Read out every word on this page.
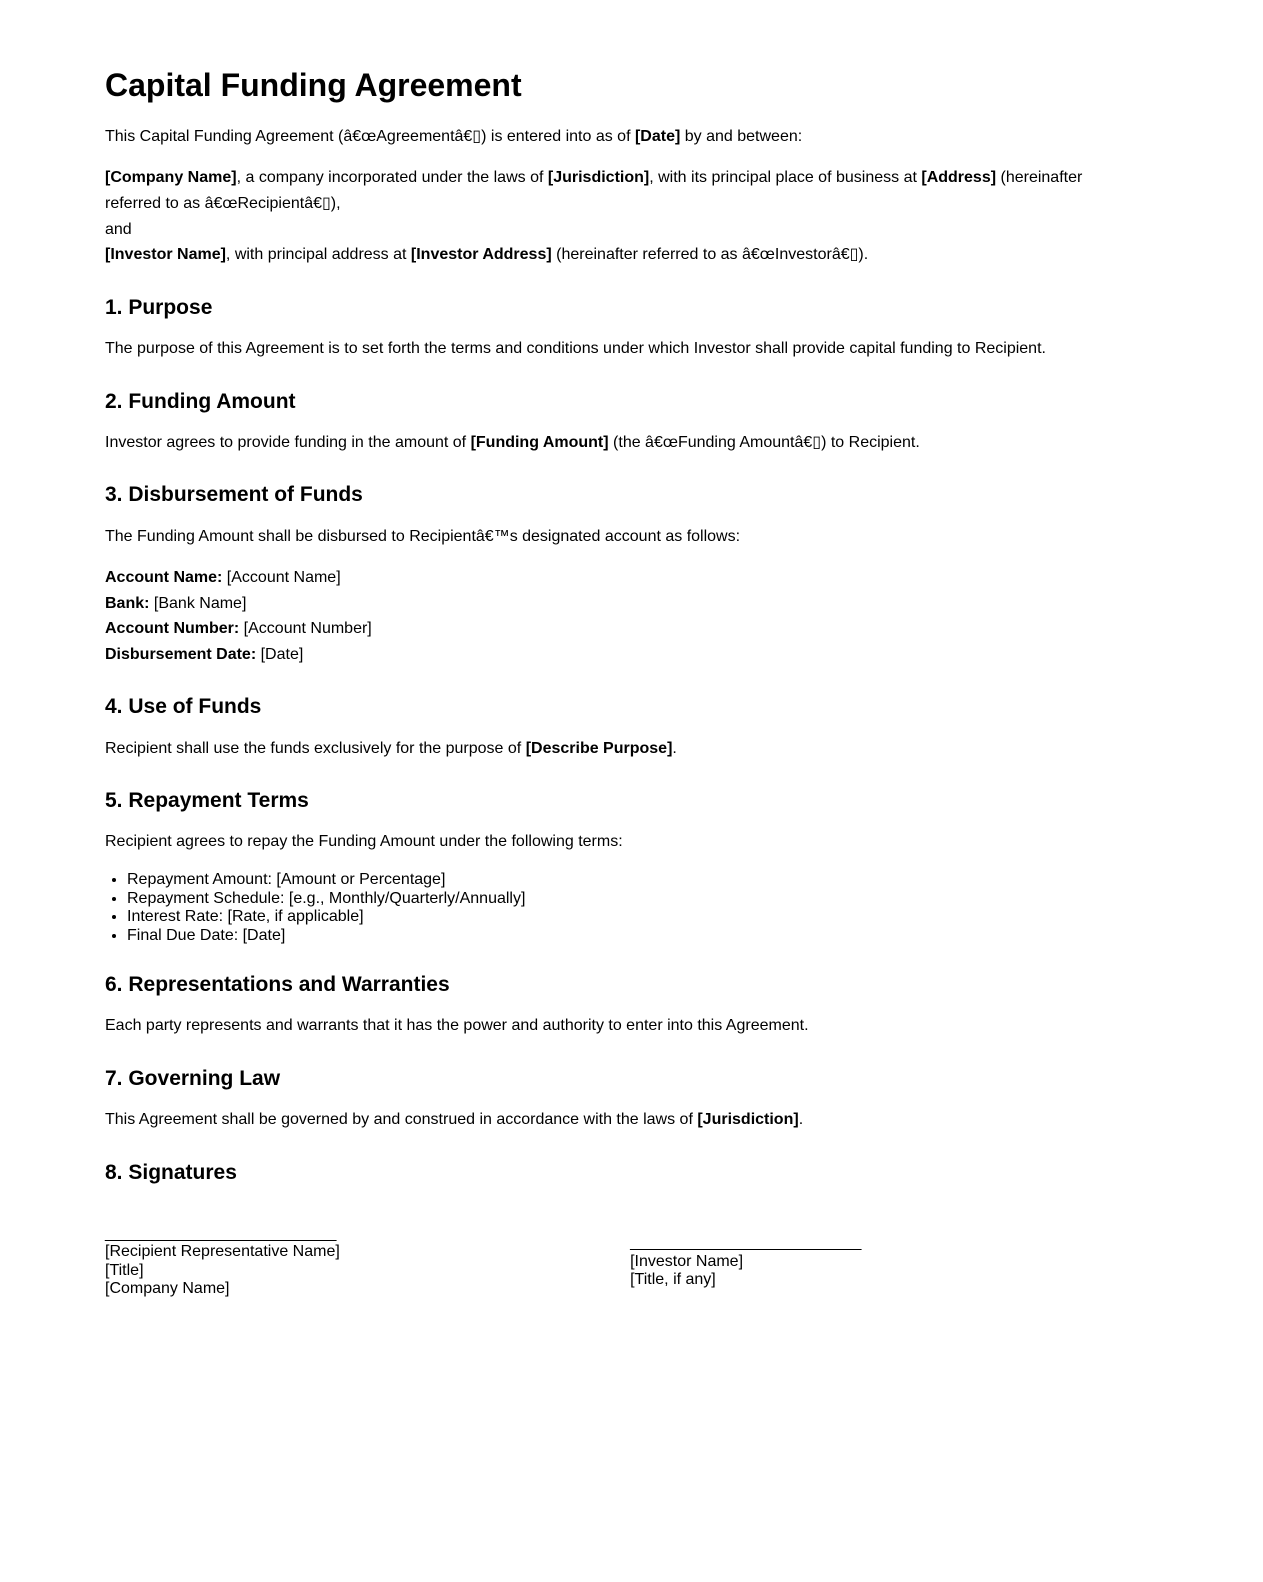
Capital Funding Agreement

This Capital Funding Agreement (â€œAgreementâ€▯) is entered into as of [Date] by and between:

[Company Name], a company incorporated under the laws of [Jurisdiction], with its principal place of business at [Address] (hereinafter referred to as â€œRecipientâ€▯),
and
[Investor Name], with principal address at [Investor Address] (hereinafter referred to as â€œInvestorâ€▯).

1. Purpose

The purpose of this Agreement is to set forth the terms and conditions under which Investor shall provide capital funding to Recipient.

2. Funding Amount

Investor agrees to provide funding in the amount of [Funding Amount] (the â€œFunding Amountâ€▯) to Recipient.

3. Disbursement of Funds

The Funding Amount shall be disbursed to Recipientâ€™s designated account as follows:

Account Name: [Account Name]
Bank: [Bank Name]
Account Number: [Account Number]
Disbursement Date: [Date]

4. Use of Funds

Recipient shall use the funds exclusively for the purpose of [Describe Purpose].

5. Repayment Terms

Recipient agrees to repay the Funding Amount under the following terms:

• Repayment Amount: [Amount or Percentage]
• Repayment Schedule: [e.g., Monthly/Quarterly/Annually]
• Interest Rate: [Rate, if applicable]
• Final Due Date: [Date]
6. Representations and Warranties

Each party represents and warrants that it has the power and authority to enter into this Agreement.

7. Governing Law

This Agreement shall be governed by and construed in accordance with the laws of [Jurisdiction].

8. Signatures
__________________________
[Recipient Representative Name]
[Title]
[Company Name]

__________________________
[Investor Name]
[Title, if any]
